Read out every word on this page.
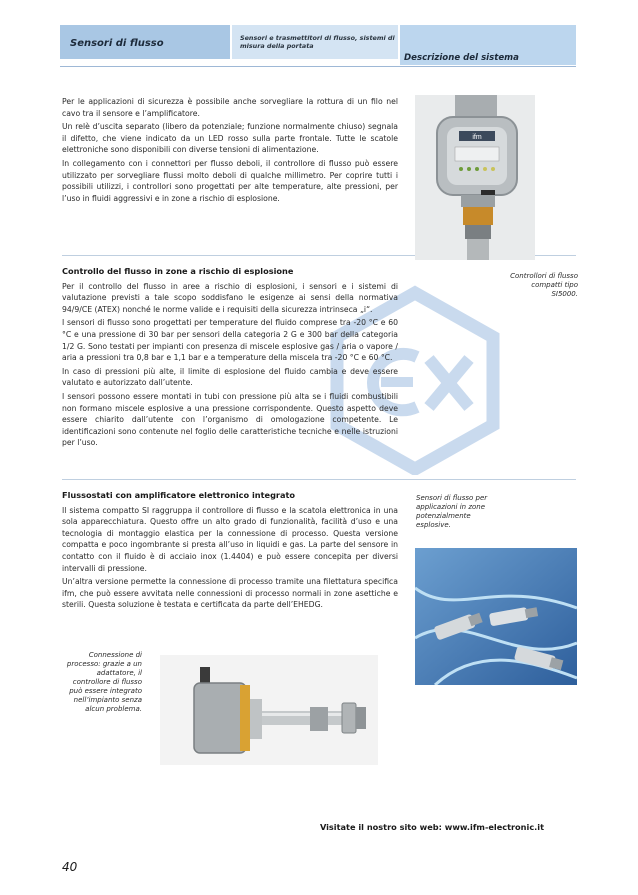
Sensori di flusso	Sensori e trasmettitori di flusso, sistemi di misura della portata
Descrizione del sistema

Per le applicazioni di sicurezza è possibile anche sorvegliare la rottura di un filo nel cavo tra il sensore e l’amplificatore.

Un relè d’uscita separato (libero da potenziale; funzione normalmente chiuso) segnala il difetto, che viene indicato da un LED rosso sulla parte frontale. Tutte le scatole elettroniche sono disponibili con diverse tensioni di alimentazione.

In collegamento con i connettori per flusso deboli, il controllore di flusso può essere utilizzato per sorvegliare flussi molto deboli di qualche millimetro. Per coprire tutti i possibili utilizzi, i controllori sono progettati per alte temperature, alte pressioni, per l’uso in fluidi aggressivi e in zone a rischio di esplosione.

Controllo del flusso in zone a rischio di esplosione

Per il controllo del flusso in aree a rischio di esplosioni, i sensori e i sistemi di valutazione previsti a tale scopo soddisfano le esigenze ai sensi della normativa 94/9/CE (ATEX) nonché le norme valide e i requisiti della sicurezza intrinseca „i“.

I sensori di flusso sono progettati per temperature del fluido comprese tra -20 °C e 60 °C e una pressione di 30 bar per sensori della categoria 2 G e 300 bar della categoria 1/2 G. Sono testati per impianti con presenza di miscele esplosive gas / aria o vapore / aria a pressioni tra 0,8 bar e 1,1 bar e a temperature della miscela tra -20 °C e 60 °C.

In caso di pressioni più alte, il limite di esplosione del fluido cambia e deve essere valutato e autorizzato dall’utente.

I sensori possono essere montati in tubi con pressione più alta se i fluidi combustibili non formano miscele esplosive a una pressione corrispondente. Questo aspetto deve essere chiarito dall’utente con l’organismo di omologazione competente. Le identificazioni sono contenute nel foglio delle caratteristiche tecniche e nelle istruzioni per l’uso.

Flussostati con amplificatore elettronico integrato

Il sistema compatto SI raggruppa il controllore di flusso e la scatola elettronica in una sola apparecchiatura. Questo offre un alto grado di funzionalità, facilità d’uso e una tecnologia di montaggio elastica per la connessione di processo. Questa versione compatta e poco ingombrante si presta all’uso in liquidi e gas. La parte del sensore in contatto con il fluido è di acciaio inox (1.4404) e può essere concepita per diversi intervalli di pressione.

Un’altra versione permette la connessione di processo tramite una filettatura specifica ifm, che può essere avvitata nelle connessioni di processo normali in zone asettiche e sterili. Questa soluzione è testata e certificata da parte dell’EHEDG.

ifm
Controllori di flusso compatti tipo SI5000.
Sensori di flusso per applicazioni in zone potenzialmente esplosive.
Connessione di processo: grazie a un adattatore, il controllore di flusso può essere integrato nell’impianto senza alcun problema.
Visitate il nostro sito web: www.ifm-electronic.it
40
